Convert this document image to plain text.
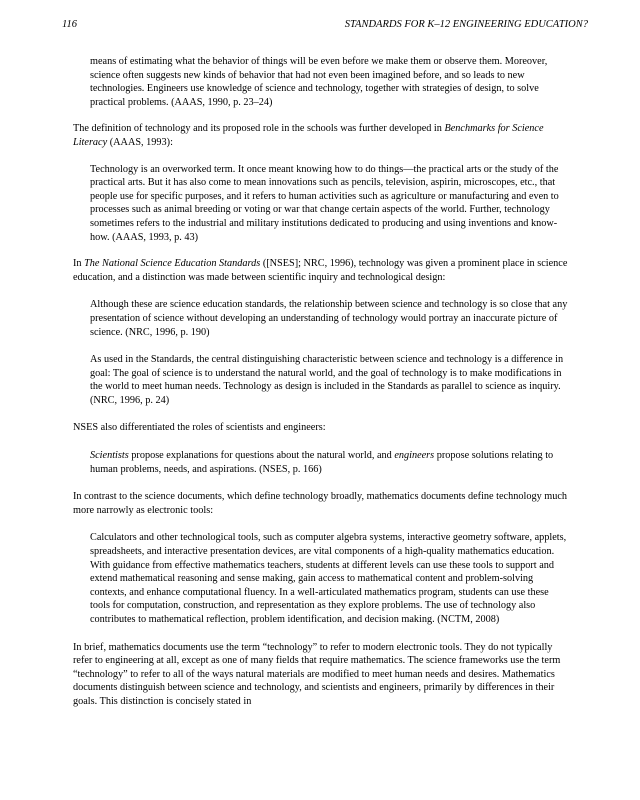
116	STANDARDS FOR K–12 ENGINEERING EDUCATION?

means of estimating what the behavior of things will be even before we make them or observe them. Moreover, science often suggests new kinds of behavior that had not even been imagined before, and so leads to new technologies. Engineers use knowledge of science and technology, together with strategies of design, to solve practical problems. (AAAS, 1990, p. 23–24)

The definition of technology and its proposed role in the schools was further developed in Benchmarks for Science Literacy (AAAS, 1993):

Technology is an overworked term. It once meant knowing how to do things—the practical arts or the study of the practical arts. But it has also come to mean innovations such as pencils, television, aspirin, microscopes, etc., that people use for specific purposes, and it refers to human activities such as agriculture or manufacturing and even to processes such as animal breeding or voting or war that change certain aspects of the world. Further, technology sometimes refers to the industrial and military institutions dedicated to producing and using inventions and know-how. (AAAS, 1993, p. 43)

In The National Science Education Standards ([NSES]; NRC, 1996), technology was given a prominent place in science education, and a distinction was made between scientific inquiry and technological design:

Although these are science education standards, the relationship between science and technology is so close that any presentation of science without developing an understanding of technology would portray an inaccurate picture of science. (NRC, 1996, p. 190)

As used in the Standards, the central distinguishing characteristic between science and technology is a difference in goal: The goal of science is to understand the natural world, and the goal of technology is to make modifications in the world to meet human needs. Technology as design is included in the Standards as parallel to science as inquiry. (NRC, 1996, p. 24)

NSES also differentiated the roles of scientists and engineers:

Scientists propose explanations for questions about the natural world, and engineers propose solutions relating to human problems, needs, and aspirations. (NSES, p. 166)

In contrast to the science documents, which define technology broadly, mathematics documents define technology much more narrowly as electronic tools:

Calculators and other technological tools, such as computer algebra systems, interactive geometry software, applets, spreadsheets, and interactive presentation devices, are vital components of a high-quality mathematics education. With guidance from effective mathematics teachers, students at different levels can use these tools to support and extend mathematical reasoning and sense making, gain access to mathematical content and problem-solving contexts, and enhance computational fluency. In a well-articulated mathematics program, students can use these tools for computation, construction, and representation as they explore problems. The use of technology also contributes to mathematical reflection, problem identification, and decision making. (NCTM, 2008)

In brief, mathematics documents use the term “technology” to refer to modern electronic tools. They do not typically refer to engineering at all, except as one of many fields that require mathematics. The science frameworks use the term “technology” to refer to all of the ways natural materials are modified to meet human needs and desires. Mathematics documents distinguish between science and technology, and scientists and engineers, primarily by differences in their goals. This distinction is concisely stated in
